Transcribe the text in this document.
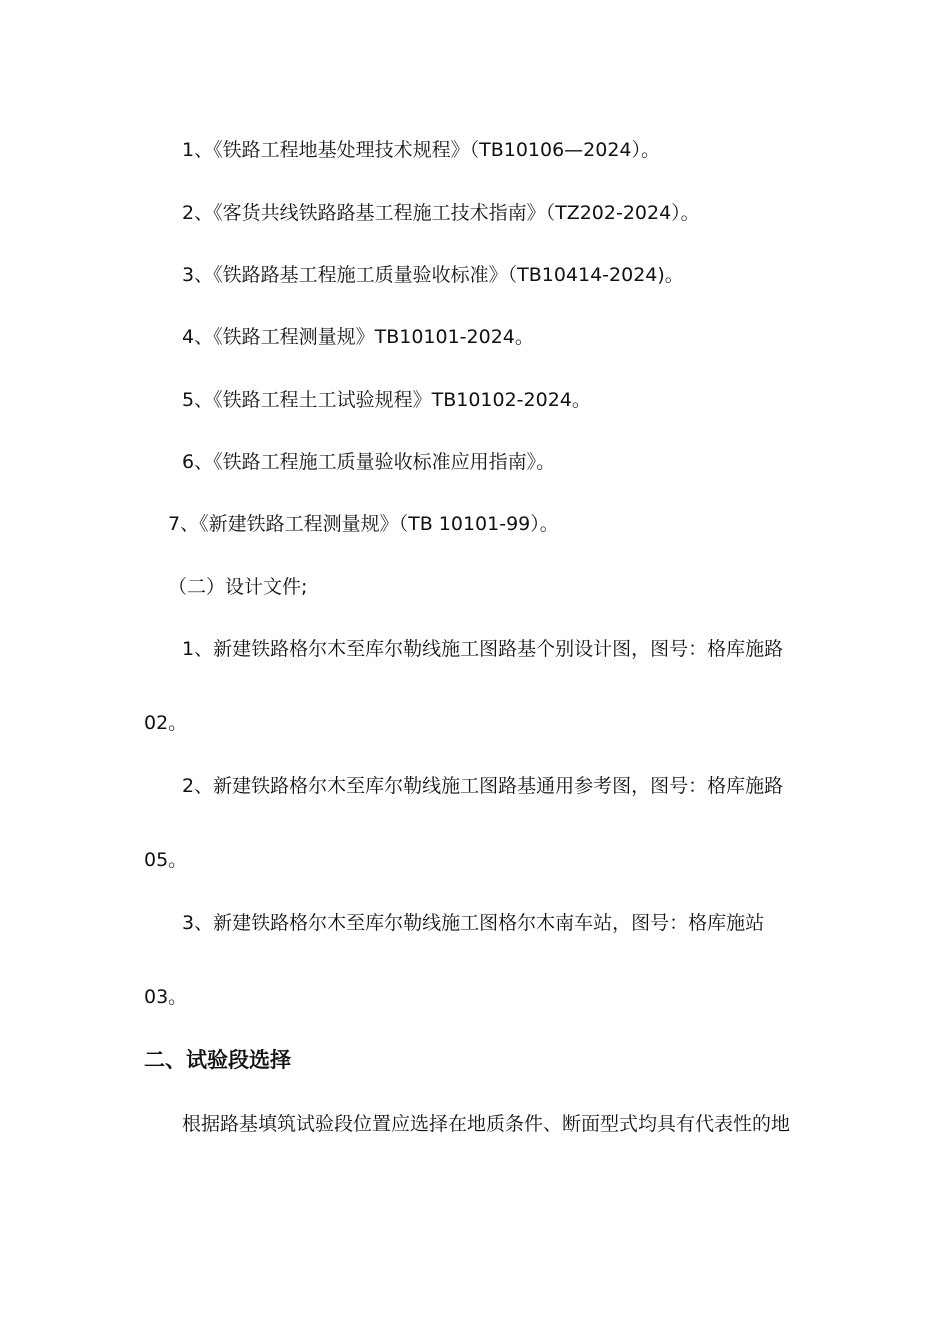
1、《铁路工程地基处理技术规程》（TB10106—2024）。

2、《客货共线铁路路基工程施工技术指南》（TZ202-2024）。

3、《铁路路基工程施工质量验收标准》（TB10414-2024)。

4、《铁路工程测量规》TB10101-2024。

5、《铁路工程土工试验规程》TB10102-2024。

6、《铁路工程施工质量验收标准应用指南》。

7、《新建铁路工程测量规》（TB 10101-99）。

（二）设计文件;

1、新建铁路格尔木至库尔勒线施工图路基个别设计图，图号：格库施路

02。

2、新建铁路格尔木至库尔勒线施工图路基通用参考图，图号：格库施路

05。

3、新建铁路格尔木至库尔勒线施工图格尔木南车站，图号：格库施站

03。

二、试验段选择

根据路基填筑试验段位置应选择在地质条件、断面型式均具有代表性的地
